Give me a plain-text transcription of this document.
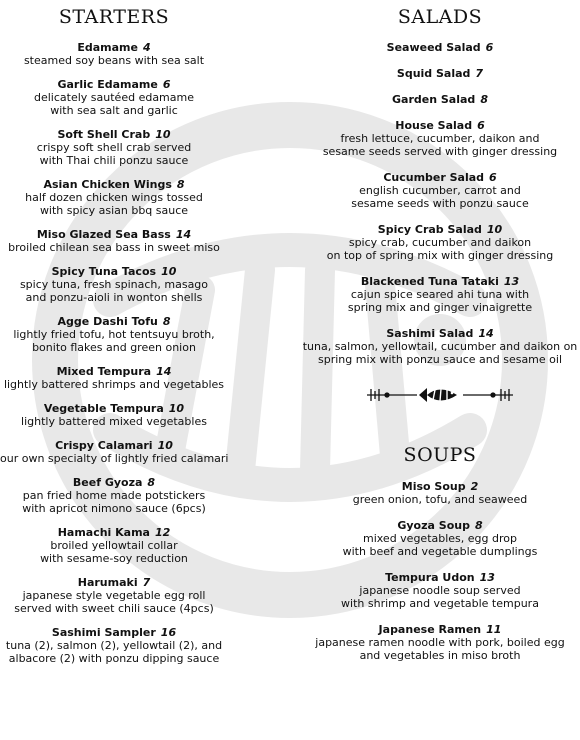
STARTERS
Edamame 4
steamed soy beans with sea salt
Garlic Edamame 6
delicately sautéed edamame
with sea salt and garlic
Soft Shell Crab 10
crispy soft shell crab served
with Thai chili ponzu sauce
Asian Chicken Wings 8
half dozen chicken wings tossed
with spicy asian bbq sauce
Miso Glazed Sea Bass 14
broiled chilean sea bass in sweet miso
Spicy Tuna Tacos 10
spicy tuna, fresh spinach, masago
and ponzu-aioli in wonton shells
Agge Dashi Tofu 8
lightly fried tofu, hot tentsuyu broth,
bonito flakes and green onion
Mixed Tempura 14
lightly battered shrimps and vegetables
Vegetable Tempura 10
lightly battered mixed vegetables
Crispy Calamari 10
our own specialty of lightly fried calamari
Beef Gyoza 8
pan fried home made potstickers
with apricot nimono sauce (6pcs)
Hamachi Kama 12
broiled yellowtail collar
with sesame-soy reduction
Harumaki 7
japanese style vegetable egg roll
served with sweet chili sauce (4pcs)
Sashimi Sampler 16
tuna (2), salmon (2), yellowtail (2), and
albacore (2) with ponzu dipping sauce
SALADS
Seaweed Salad 6
Squid Salad 7
Garden Salad 8
House Salad 6
fresh lettuce, cucumber, daikon and
sesame seeds served with ginger dressing
Cucumber Salad 6
english cucumber, carrot and
sesame seeds with ponzu sauce
Spicy Crab Salad 10
spicy crab, cucumber and daikon
on top of spring mix with ginger dressing
Blackened Tuna Tataki 13
cajun spice seared ahi tuna with
spring mix and ginger vinaigrette
Sashimi Salad 14
tuna, salmon, yellowtail, cucumber and daikon on
spring mix with ponzu sauce and sesame oil
SOUPS
Miso Soup 2
green onion, tofu, and seaweed
Gyoza Soup 8
mixed vegetables, egg drop
with beef and vegetable dumplings
Tempura Udon 13
japanese noodle soup served
with shrimp and vegetable tempura
Japanese Ramen 11
japanese ramen noodle with pork, boiled egg
and vegetables in miso broth
